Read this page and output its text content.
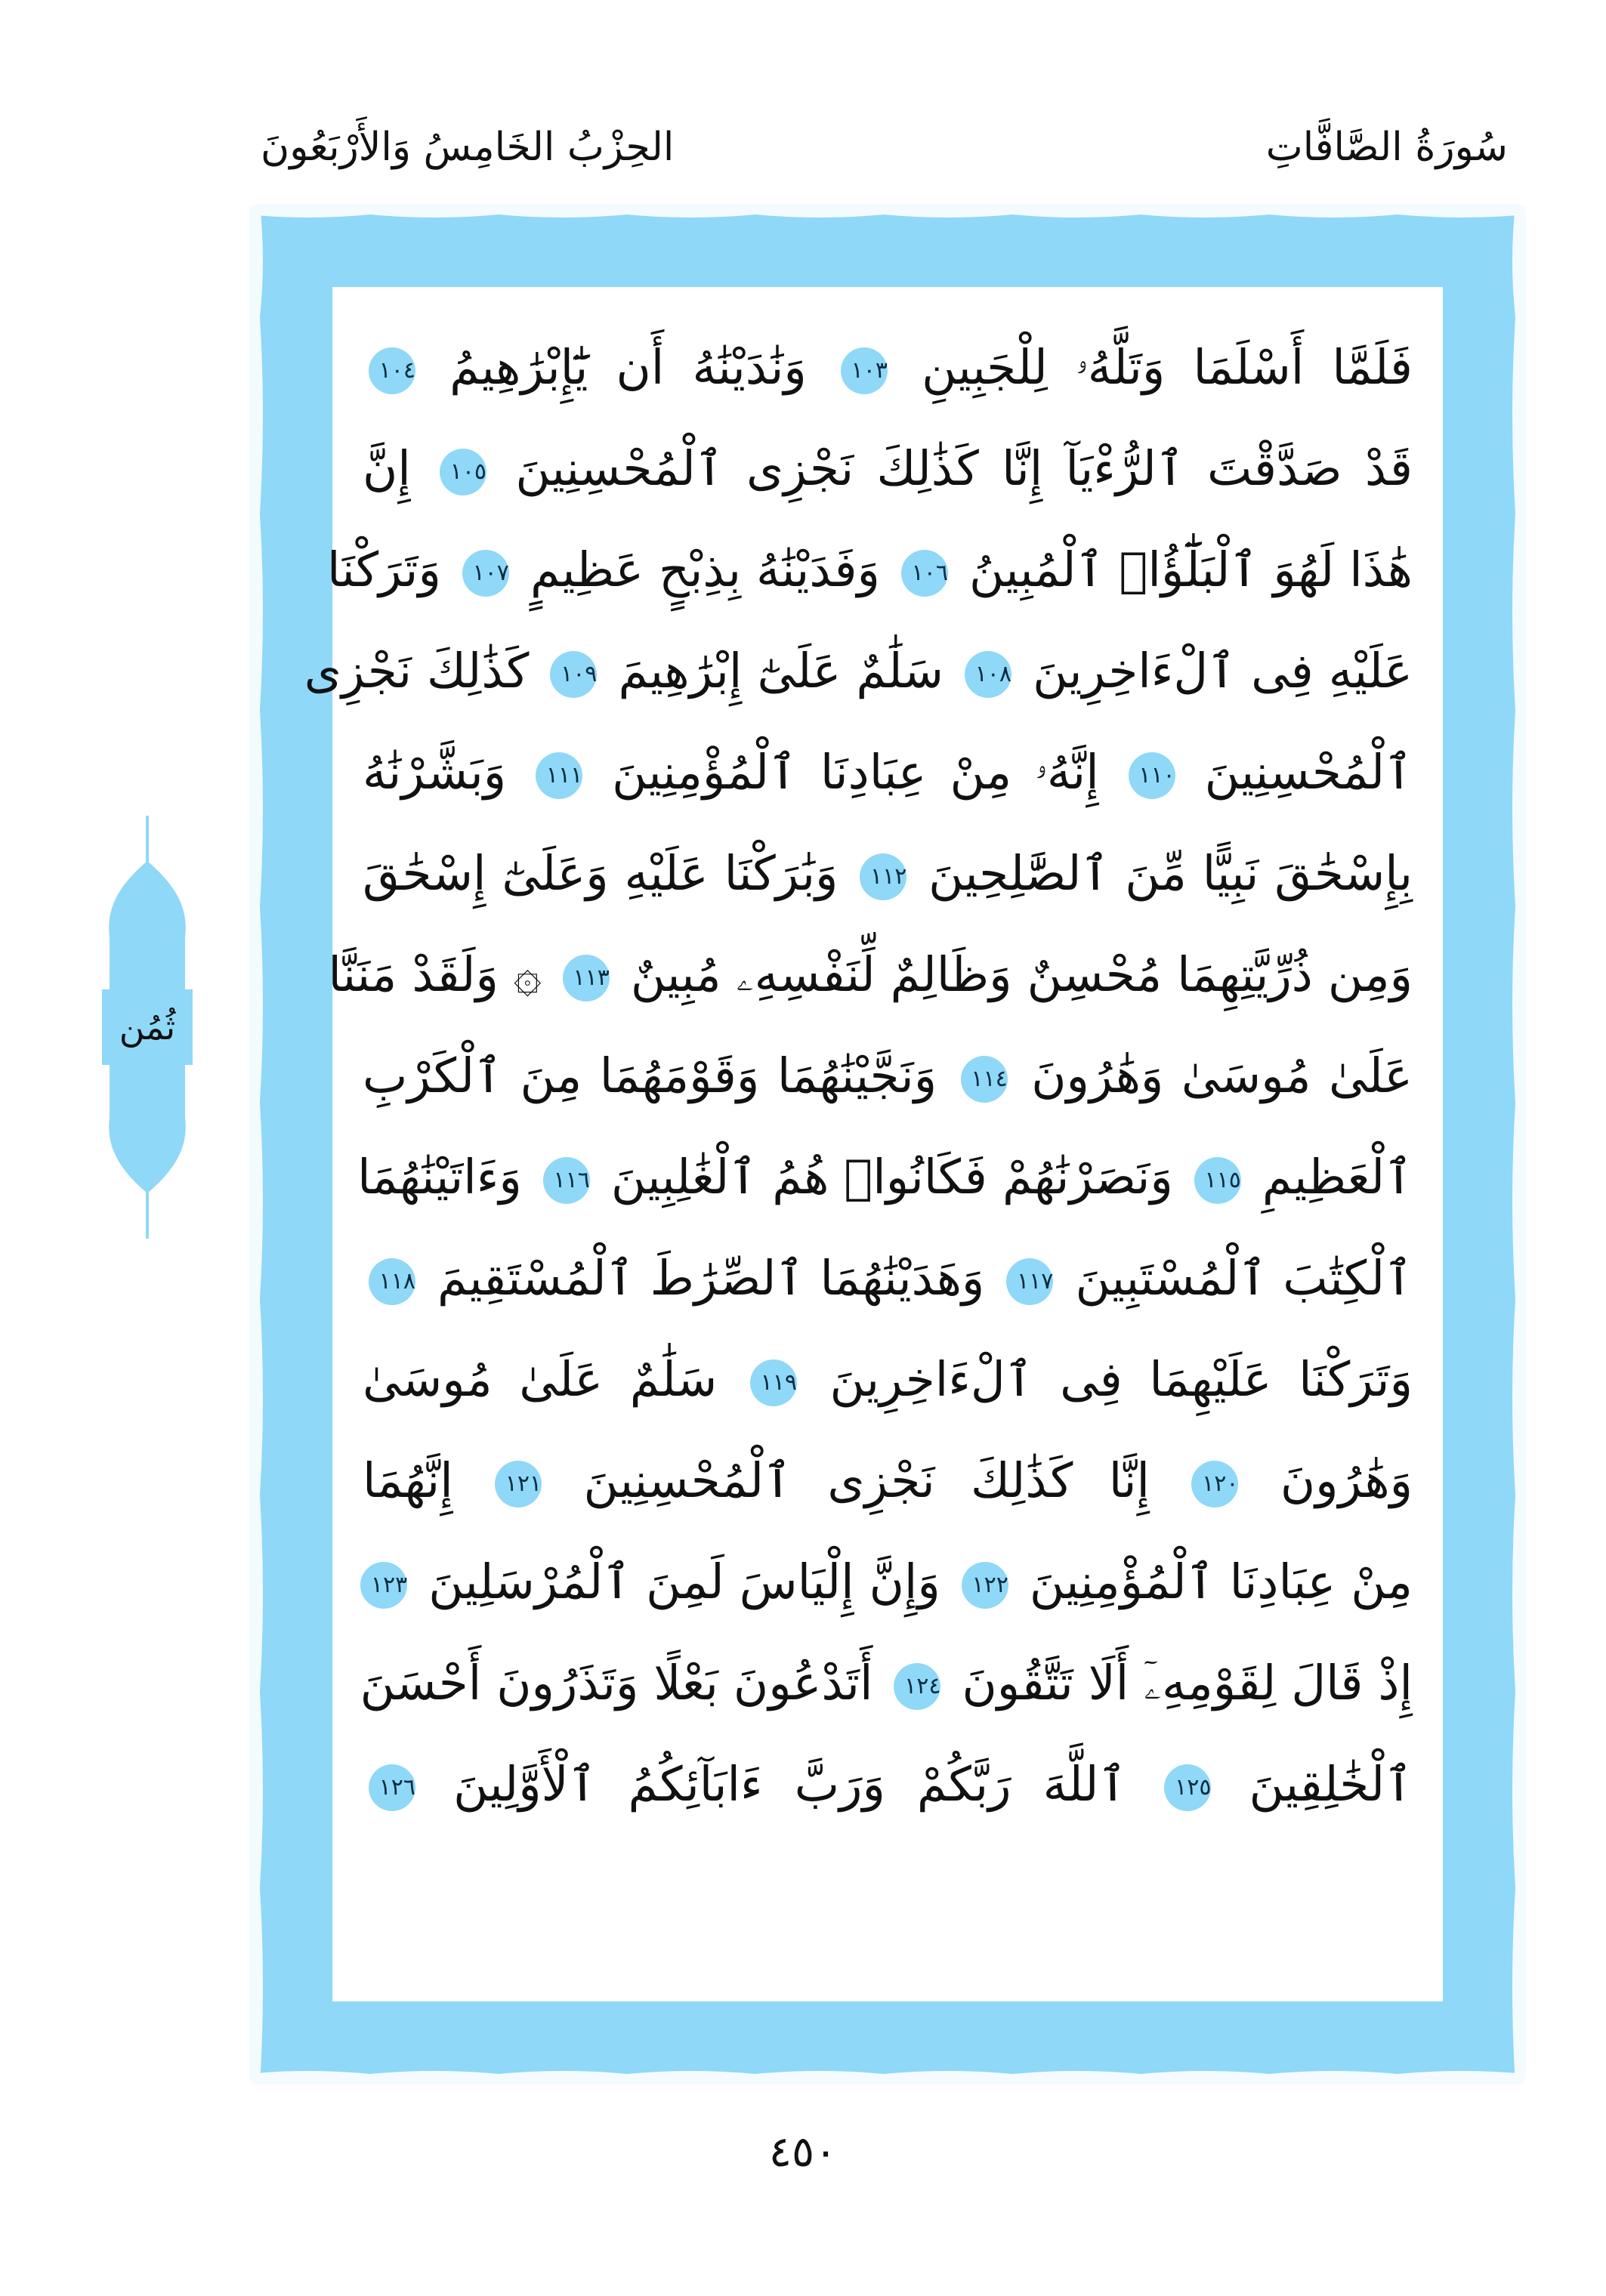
سُورَةُ الصَّافَّاتِ
الحِزْبُ الخَامِسُ وَالأَرْبَعُونَ
ثُمُن
فَلَمَّا أَسْلَمَا وَتَلَّهُۥ لِلْجَبِينِ ١٠٣ وَنَٰدَيْنَٰهُ أَن يَٰٓإِبْرَٰهِيمُ ١٠٤
قَدْ صَدَّقْتَ ٱلرُّءْيَآ إِنَّا كَذَٰلِكَ نَجْزِى ٱلْمُحْسِنِينَ ١٠٥ إِنَّ
هَٰذَا لَهُوَ ٱلْبَلَٰٓؤُا۟ ٱلْمُبِينُ ١٠٦ وَفَدَيْنَٰهُ بِذِبْحٍ عَظِيمٍ ١٠٧ وَتَرَكْنَا
عَلَيْهِ فِى ٱلْءَاخِرِينَ ١٠٨ سَلَٰمٌ عَلَىٰٓ إِبْرَٰهِيمَ ١٠٩ كَذَٰلِكَ نَجْزِى
ٱلْمُحْسِنِينَ ١١٠ إِنَّهُۥ مِنْ عِبَادِنَا ٱلْمُؤْمِنِينَ ١١١ وَبَشَّرْنَٰهُ
بِإِسْحَٰقَ نَبِيًّا مِّنَ ٱلصَّٰلِحِينَ ١١٢ وَبَٰرَكْنَا عَلَيْهِ وَعَلَىٰٓ إِسْحَٰقَ
وَمِن ذُرِّيَّتِهِمَا مُحْسِنٌ وَظَالِمٌ لِّنَفْسِهِۦ مُبِينٌ ١١٣ ۞ وَلَقَدْ مَنَنَّا
عَلَىٰ مُوسَىٰ وَهَٰرُونَ ١١٤ وَنَجَّيْنَٰهُمَا وَقَوْمَهُمَا مِنَ ٱلْكَرْبِ
ٱلْعَظِيمِ ١١٥ وَنَصَرْنَٰهُمْ فَكَانُوا۟ هُمُ ٱلْغَٰلِبِينَ ١١٦ وَءَاتَيْنَٰهُمَا
ٱلْكِتَٰبَ ٱلْمُسْتَبِينَ ١١٧ وَهَدَيْنَٰهُمَا ٱلصِّرَٰطَ ٱلْمُسْتَقِيمَ ١١٨
وَتَرَكْنَا عَلَيْهِمَا فِى ٱلْءَاخِرِينَ ١١٩ سَلَٰمٌ عَلَىٰ مُوسَىٰ
وَهَٰرُونَ ١٢٠ إِنَّا كَذَٰلِكَ نَجْزِى ٱلْمُحْسِنِينَ ١٢١ إِنَّهُمَا
مِنْ عِبَادِنَا ٱلْمُؤْمِنِينَ ١٢٢ وَإِنَّ إِلْيَاسَ لَمِنَ ٱلْمُرْسَلِينَ ١٢٣
إِذْ قَالَ لِقَوْمِهِۦٓ أَلَا تَتَّقُونَ ١٢٤ أَتَدْعُونَ بَعْلًا وَتَذَرُونَ أَحْسَنَ
ٱلْخَٰلِقِينَ ١٢٥ ٱللَّهَ رَبَّكُمْ وَرَبَّ ءَابَآئِكُمُ ٱلْأَوَّلِينَ ١٢٦
٤٥٠
